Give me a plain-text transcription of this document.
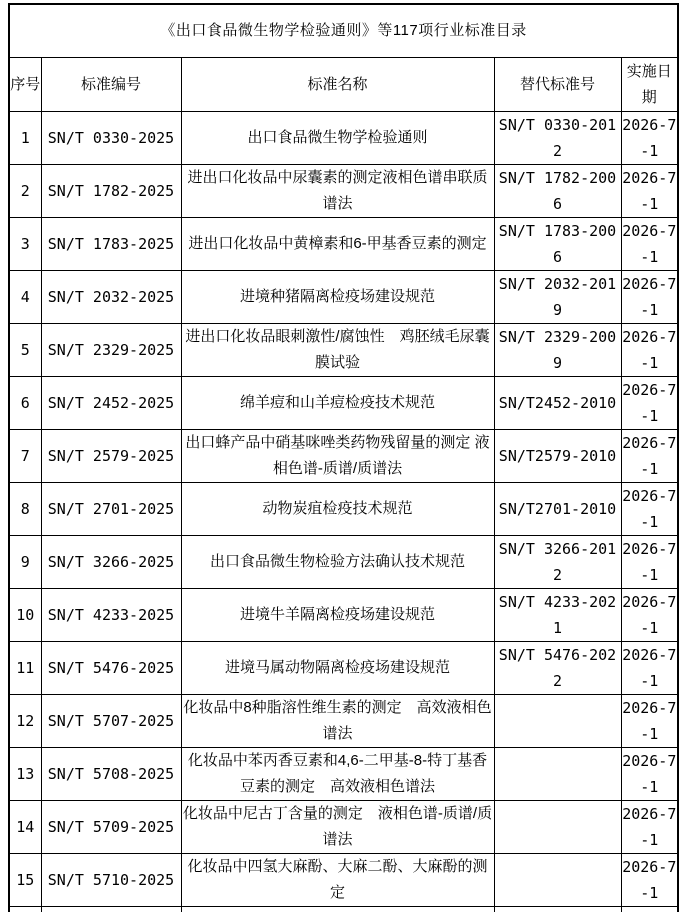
《出口食品微生物学检验通则》等117项行业标准目录				
序号	标准编号	标准名称	替代标准号	实施日期
1	SN/T 0330-2025	出口食品微生物学检验通则	SN/T 0330-2012	2026-7-1
2	SN/T 1782-2025	进出口化妆品中尿囊素的测定液相色谱串联质谱法	SN/T 1782-2006	2026-7-1
3	SN/T 1783-2025	进出口化妆品中黄樟素和6-甲基香豆素的测定	SN/T 1783-2006	2026-7-1
4	SN/T 2032-2025	进境种猪隔离检疫场建设规范	SN/T 2032-2019	2026-7-1
5	SN/T 2329-2025	进出口化妆品眼刺激性/腐蚀性　鸡胚绒毛尿囊膜试验	SN/T 2329-2009	2026-7-1
6	SN/T 2452-2025	绵羊痘和山羊痘检疫技术规范	SN/T2452-2010	2026-7-1
7	SN/T 2579-2025	出口蜂产品中硝基咪唑类药物残留量的测定 液相色谱-质谱/质谱法	SN/T2579-2010	2026-7-1
8	SN/T 2701-2025	动物炭疽检疫技术规范	SN/T2701-2010	2026-7-1
9	SN/T 3266-2025	出口食品微生物检验方法确认技术规范	SN/T 3266-2012	2026-7-1
10	SN/T 4233-2025	进境牛羊隔离检疫场建设规范	SN/T 4233-2021	2026-7-1
11	SN/T 5476-2025	进境马属动物隔离检疫场建设规范	SN/T 5476-2022	2026-7-1
12	SN/T 5707-2025	化妆品中8种脂溶性维生素的测定　高效液相色谱法		2026-7-1
13	SN/T 5708-2025	化妆品中苯丙香豆素和4,6-二甲基-8-特丁基香豆素的测定　高效液相色谱法		2026-7-1
14	SN/T 5709-2025	化妆品中尼古丁含量的测定　液相色谱-质谱/质谱法		2026-7-1
15	SN/T 5710-2025	化妆品中四氢大麻酚、大麻二酚、大麻酚的测定		2026-7-1
